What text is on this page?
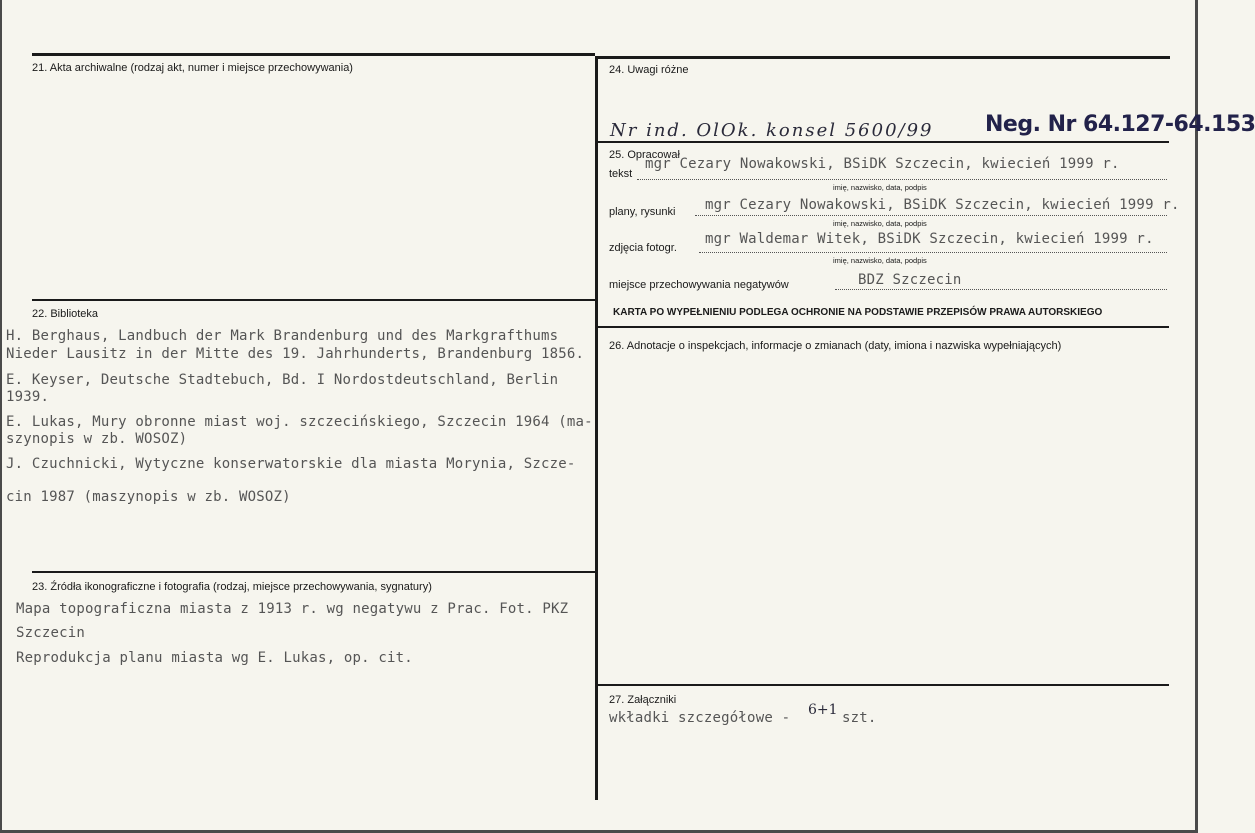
21. Akta archiwalne (rodzaj akt, numer i miejsce przechowywania)
22. Biblioteka
H. Berghaus, Landbuch der Mark Brandenburg und des Markgrafthums
Nieder Lausitz in der Mitte des 19. Jahrhunderts, Brandenburg 1856.
E. Keyser, Deutsche Stadtebuch, Bd. I Nordostdeutschland, Berlin
1939.
E. Lukas, Mury obronne miast woj. szczecińskiego, Szczecin 1964 (ma-
szynopis w zb. WOSOZ)
J. Czuchnicki, Wytyczne konserwatorskie dla miasta Morynia, Szcze-
cin 1987 (maszynopis w zb. WOSOZ)
23. Źródła ikonograficzne i fotografia (rodzaj, miejsce przechowywania, sygnatury)
Mapa topograficzna miasta z 1913 r. wg negatywu z Prac. Fot. PKZ
Szczecin
Reprodukcja planu miasta wg E. Lukas, op. cit.
24. Uwagi różne
Nr ind. OlOk. konsel 5600/99 Neg. Nr 64.127-64.153
25. Opracował
tekst
mgr Cezary Nowakowski, BSiDK Szczecin, kwiecień 1999 r.
imię, nazwisko, data, podpis
plany, rysunki mgr Cezary Nowakowski, BSiDK Szczecin, kwiecień 1999 r.
imię, nazwisko, data, podpis
zdjęcia fotogr.
mgr Waldemar Witek, BSiDK Szczecin, kwiecień 1999 r.
imię, nazwisko, data, podpis
miejsce przechowywania negatywów	BDZ Szczecin
KARTA PO WYPEŁNIENIU PODLEGA OCHRONIE NA PODSTAWIE PRZEPISÓW PRAWA AUTORSKIEGO
26. Adnotacje o inspekcjach, informacje o zmianach (daty, imiona i nazwiska wypełniających)
27. Załączniki
wkładki szczegółowe - 6+1 szt.
